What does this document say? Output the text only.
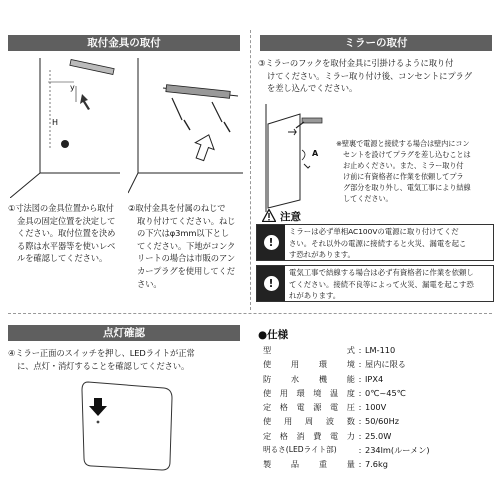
取付金具の取付	ミラーの取付
点灯確認
y
H
①寸法図の金具位置から取付
金具の固定位置を決定して
ください。取付位置を決め
る際は水平器等を使いレベ
ルを確認してください。
②取付金具を付属のねじで
取り付けてください。ねじ
の下穴はφ3mm以下とし
てください。下地がコンク
リートの場合は市販のアン
カープラグを使用してくだ
さい。
③ミラーのフックを取付金具に引掛けるように取り付
けてください。ミラー取り付け後、コンセントにプラグ
を差し込んでください。
A
※壁裏で電源と接続する場合は壁内にコン
セントを設けてプラグを差し込むことは
お止めください。また、ミラー取り付
け前に有資格者に作業を依頼してプラ
グ部分を取り外し、電気工事により結線
してください。
注意
!
ミラーは必ず単相AC100Vの電源に取り付けてくだ
さい。それ以外の電源に接続すると火災、漏電を起こ
す恐れがあります。
!
電気工事で結線する場合は必ず有資格者に作業を依頼し
てください。接続不良等によって火災、漏電を起こす恐
れがあります。
④ミラー正面のスイッチを押し、LEDライトが正常
に、点灯・消灯することを確認してください。
●仕様
型式 : LM-110
使用環境 : 屋内に限る
防水機能 : IPX4
使用環境温度 : 0℃~45℃
定格電源電圧 : 100V
使用周波数 : 50/60Hz
定格消費電力 : 25.0W
明るさ(LEDライト部)	: 234lm(ルーメン)
製品重量 : 7.6kg
